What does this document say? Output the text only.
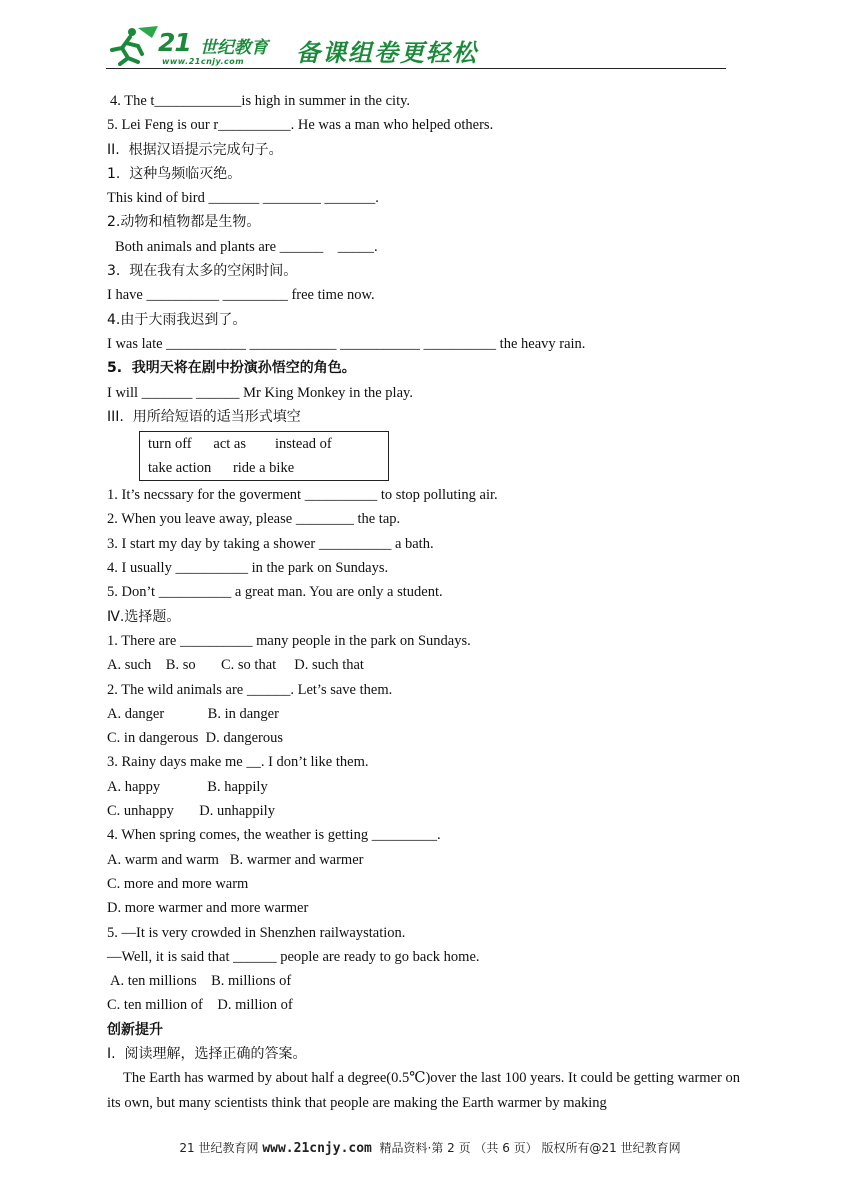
21 世纪教育
www.21cnjy.com 备课组卷更轻松
4. The t____________is high in summer in the city.
5. Lei Feng is our r__________. He was a man who helped others.
II.  根据汉语提示完成句子。
1.  这种鸟频临灭绝。
This kind of bird _______ ________ _______.
2.动物和植物都是生物。
Both animals and plants are ______    _____.
3.  现在我有太多的空闲时间。
I have __________ _________ free time now.
4.由于大雨我迟到了。
I was late ___________ ____________ ___________ __________ the heavy rain.
5.  我明天将在剧中扮演孙悟空的角色。
I will _______ ______ Mr King Monkey in the play.
III.  用所给短语的适当形式填空
turn off      act as        instead of
take action      ride a bike
1. It’s necssary for the goverment __________ to stop polluting air.
2. When you leave away, please ________ the tap.
3. I start my day by taking a shower __________ a bath.
4. I usually __________ in the park on Sundays.
5. Don’t __________ a great man. You are only a student.
Ⅳ.选择题。
1. There are __________ many people in the park on Sundays.
A. such    B. so       C. so that     D. such that
2. The wild animals are ______. Let’s save them.
A. danger            B. in danger
C. in dangerous  D. dangerous
3. Rainy days make me __. I don’t like them.
A. happy             B. happily
C. unhappy       D. unhappily
4. When spring comes, the weather is getting _________.
A. warm and warm   B. warmer and warmer
C. more and more warm
D. more warmer and more warmer
5. —It is very crowded in Shenzhen railwaystation.
—Well, it is said that ______ people are ready to go back home.
A. ten millions    B. millions of
C. ten million of    D. million of
创新提升
I.  阅读理解，选择正确的答案。
The Earth has warmed by about half a degree(0.5℃)over the last 100 years. It could be getting warmer on its own, but many scientists think that people are making the Earth warmer by making
21 世纪教育网 www.21cnjy.com  精品资料·第 2 页 （共 6 页） 版权所有@21 世纪教育网
